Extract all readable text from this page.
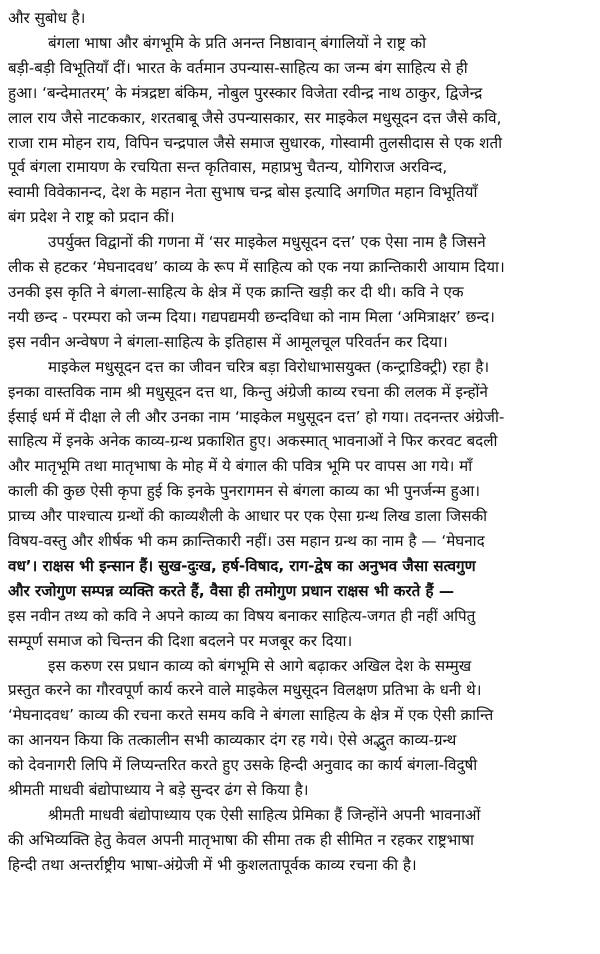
और सुबोध है।

बंगला भाषा और बंगभूमि के प्रति अनन्त निष्ठावान् बंगालियों ने राष्ट्र को
बड़ी-बड़ी विभूतियाँ दीं। भारत के वर्तमान उपन्यास-साहित्य का जन्म बंग साहित्य से ही
हुआ। ‘बन्देमातरम्’ के मंत्रद्रष्टा बंकिम, नोबुल पुरस्कार विजेता रवीन्द्र नाथ ठाकुर, द्विजेन्द्र
लाल राय जैसे नाटककार, शरतबाबू जैसे उपन्यासकार, सर माइकेल मधुसूदन दत्त जैसे कवि,
राजा राम मोहन राय, विपिन चन्द्रपाल जैसे समाज सुधारक, गोस्वामी तुलसीदास से एक शती
पूर्व बंगला रामायण के रचयिता सन्त कृतिवास, महाप्रभु चैतन्य, योगिराज अरविन्द,
स्वामी विवेकानन्द, देश के महान नेता सुभाष चन्द्र बोस इत्यादि अगणित महान विभूतियाँ
बंग प्रदेश ने राष्ट्र को प्रदान कीं।

उपर्युक्त विद्वानों की गणना में ‘सर माइकेल मधुसूदन दत्त’ एक ऐसा नाम है जिसने
लीक से हटकर ‘मेघनादवध’ काव्य के रूप में साहित्य को एक नया क्रान्तिकारी आयाम दिया।
उनकी इस कृति ने बंगला-साहित्य के क्षेत्र में एक क्रान्ति खड़ी कर दी थी। कवि ने एक
नयी छन्द - परम्परा को जन्म दिया। गद्यपद्यमयी छन्दविधा को नाम मिला ‘अमित्राक्षर’ छन्द।
इस नवीन अन्वेषण ने बंगला-साहित्य के इतिहास में आमूलचूल परिवर्तन कर दिया।

माइकेल मधुसूदन दत्त का जीवन चरित्र बड़ा विरोधाभासयुक्त (कन्ट्राडिक्ट्री) रहा है।
इनका वास्तविक नाम श्री मधुसूदन दत्त था, किन्तु अंग्रेजी काव्य रचना की ललक में इन्होंने
ईसाई धर्म में दीक्षा ले ली और उनका नाम ‘माइकेल मधुसूदन दत्त’ हो गया। तदनन्तर अंग्रेजी-
साहित्य में इनके अनेक काव्य-ग्रन्थ प्रकाशित हुए। अकस्मात् भावनाओं ने फिर करवट बदली
और मातृभूमि तथा मातृभाषा के मोह में ये बंगाल की पवित्र भूमि पर वापस आ गये। माँ
काली की कुछ ऐसी कृपा हुई कि इनके पुनरागमन से बंगला काव्य का भी पुनर्जन्म हुआ।
प्राच्य और पाश्चात्य ग्रन्थों की काव्यशैली के आधार पर एक ऐसा ग्रन्थ लिख डाला जिसकी
विषय-वस्तु और शीर्षक भी कम क्रान्तिकारी नहीं। उस महान ग्रन्थ का नाम है — ‘मेघनाद
वध’। राक्षस भी इन्सान हैं। सुख-दुःख, हर्ष-विषाद, राग-द्वेष का अनुभव जैसा सत्वगुण
और रजोगुण सम्पन्न व्यक्ति करते हैं, वैसा ही तमोगुण प्रधान राक्षस भी करते हैं —
इस नवीन तथ्य को कवि ने अपने काव्य का विषय बनाकर साहित्य-जगत ही नहीं अपितु
सम्पूर्ण समाज को चिन्तन की दिशा बदलने पर मजबूर कर दिया।

इस करुण रस प्रधान काव्य को बंगभूमि से आगे बढ़ाकर अखिल देश के सम्मुख
प्रस्तुत करने का गौरवपूर्ण कार्य करने वाले माइकेल मधुसूदन विलक्षण प्रतिभा के धनी थे।
‘मेघनादवध’ काव्य की रचना करते समय कवि ने बंगला साहित्य के क्षेत्र में एक ऐसी क्रान्ति
का आनयन किया कि तत्कालीन सभी काव्यकार दंग रह गये। ऐसे अद्भुत काव्य-ग्रन्थ
को देवनागरी लिपि में लिप्यन्तरित करते हुए उसके हिन्दी अनुवाद का कार्य बंगला-विदुषी
श्रीमती माधवी बंद्योपाध्याय ने बड़े सुन्दर ढंग से किया है।

श्रीमती माधवी बंद्योपाध्याय एक ऐसी साहित्य प्रेमिका हैं जिन्होंने अपनी भावनाओं
की अभिव्यक्ति हेतु केवल अपनी मातृभाषा की सीमा तक ही सीमित न रहकर राष्ट्रभाषा
हिन्दी तथा अन्तर्राष्ट्रीय भाषा-अंग्रेजी में भी कुशलतापूर्वक काव्य रचना की है।
